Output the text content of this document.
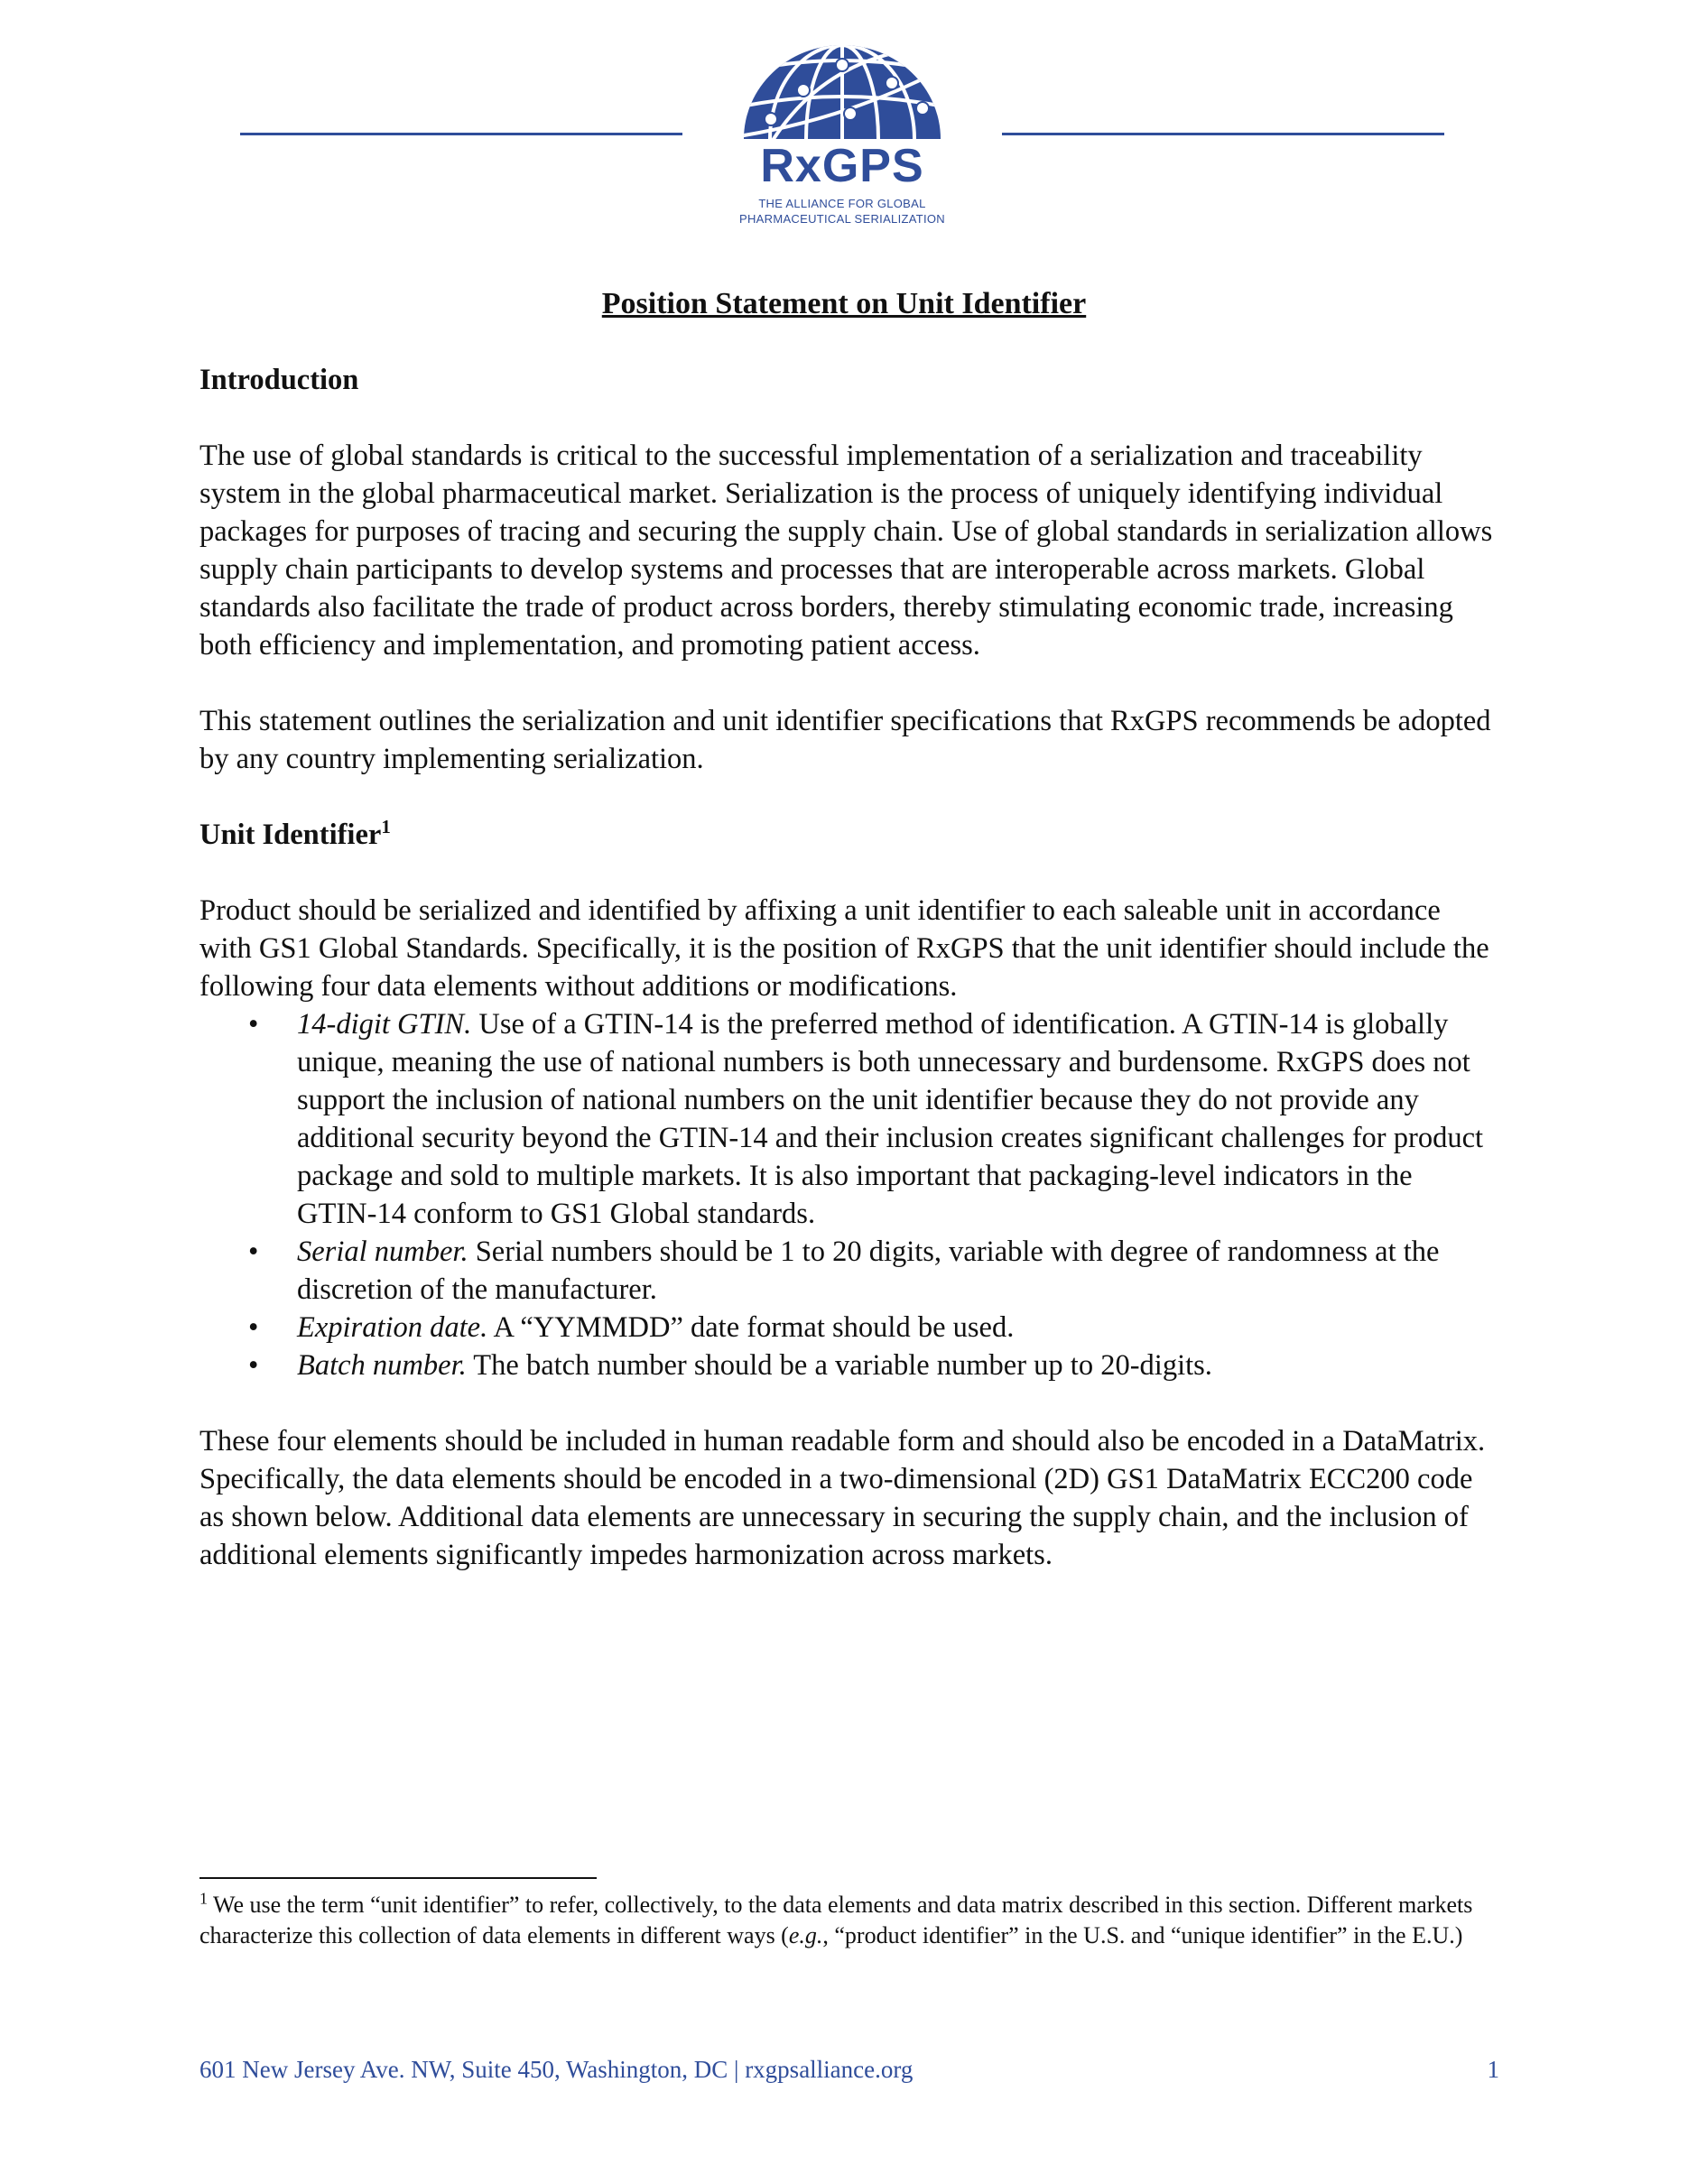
RxGPS
THE ALLIANCE FOR GLOBAL
PHARMACEUTICAL SERIALIZATION
Position Statement on Unit Identifier
Introduction

The use of global standards is critical to the successful implementation of a serialization and traceability system in the global pharmaceutical market. Serialization is the process of uniquely identifying individual packages for purposes of tracing and securing the supply chain. Use of global standards in serialization allows supply chain participants to develop systems and processes that are interoperable across markets. Global standards also facilitate the trade of product across borders, thereby stimulating economic trade, increasing both efficiency and implementation, and promoting patient access.

This statement outlines the serialization and unit identifier specifications that RxGPS recommends be adopted by any country implementing serialization.

Unit Identifier$^1$

Product should be serialized and identified by affixing a unit identifier to each saleable unit in accordance with GS1 Global Standards. Specifically, it is the position of RxGPS that the unit identifier should include the following four data elements without additions or modifications.

• 14-digit GTIN. Use of a GTIN-14 is the preferred method of identification. A GTIN-14 is globally unique, meaning the use of national numbers is both unnecessary and burdensome. RxGPS does not support the inclusion of national numbers on the unit identifier because they do not provide any additional security beyond the GTIN-14 and their inclusion creates significant challenges for product package and sold to multiple markets. It is also important that packaging-level indicators in the GTIN-14 conform to GS1 Global standards.
• Serial number. Serial numbers should be 1 to 20 digits, variable with degree of randomness at the discretion of the manufacturer.
• Expiration date. A “YYMMDD” date format should be used.
• Batch number. The batch number should be a variable number up to 20-digits.

These four elements should be included in human readable form and should also be encoded in a DataMatrix. Specifically, the data elements should be encoded in a two-dimensional (2D) GS1 DataMatrix ECC200 code as shown below. Additional data elements are unnecessary in securing the supply chain, and the inclusion of additional elements significantly impedes harmonization across markets.

$^1$ We use the term “unit identifier” to refer, collectively, to the data elements and data matrix described in this section. Different markets characterize this collection of data elements in different ways (e.g., “product identifier” in the U.S. and “unique identifier” in the E.U.)
601 New Jersey Ave. NW, Suite 450, Washington, DC | rxgpsalliance.org	1
